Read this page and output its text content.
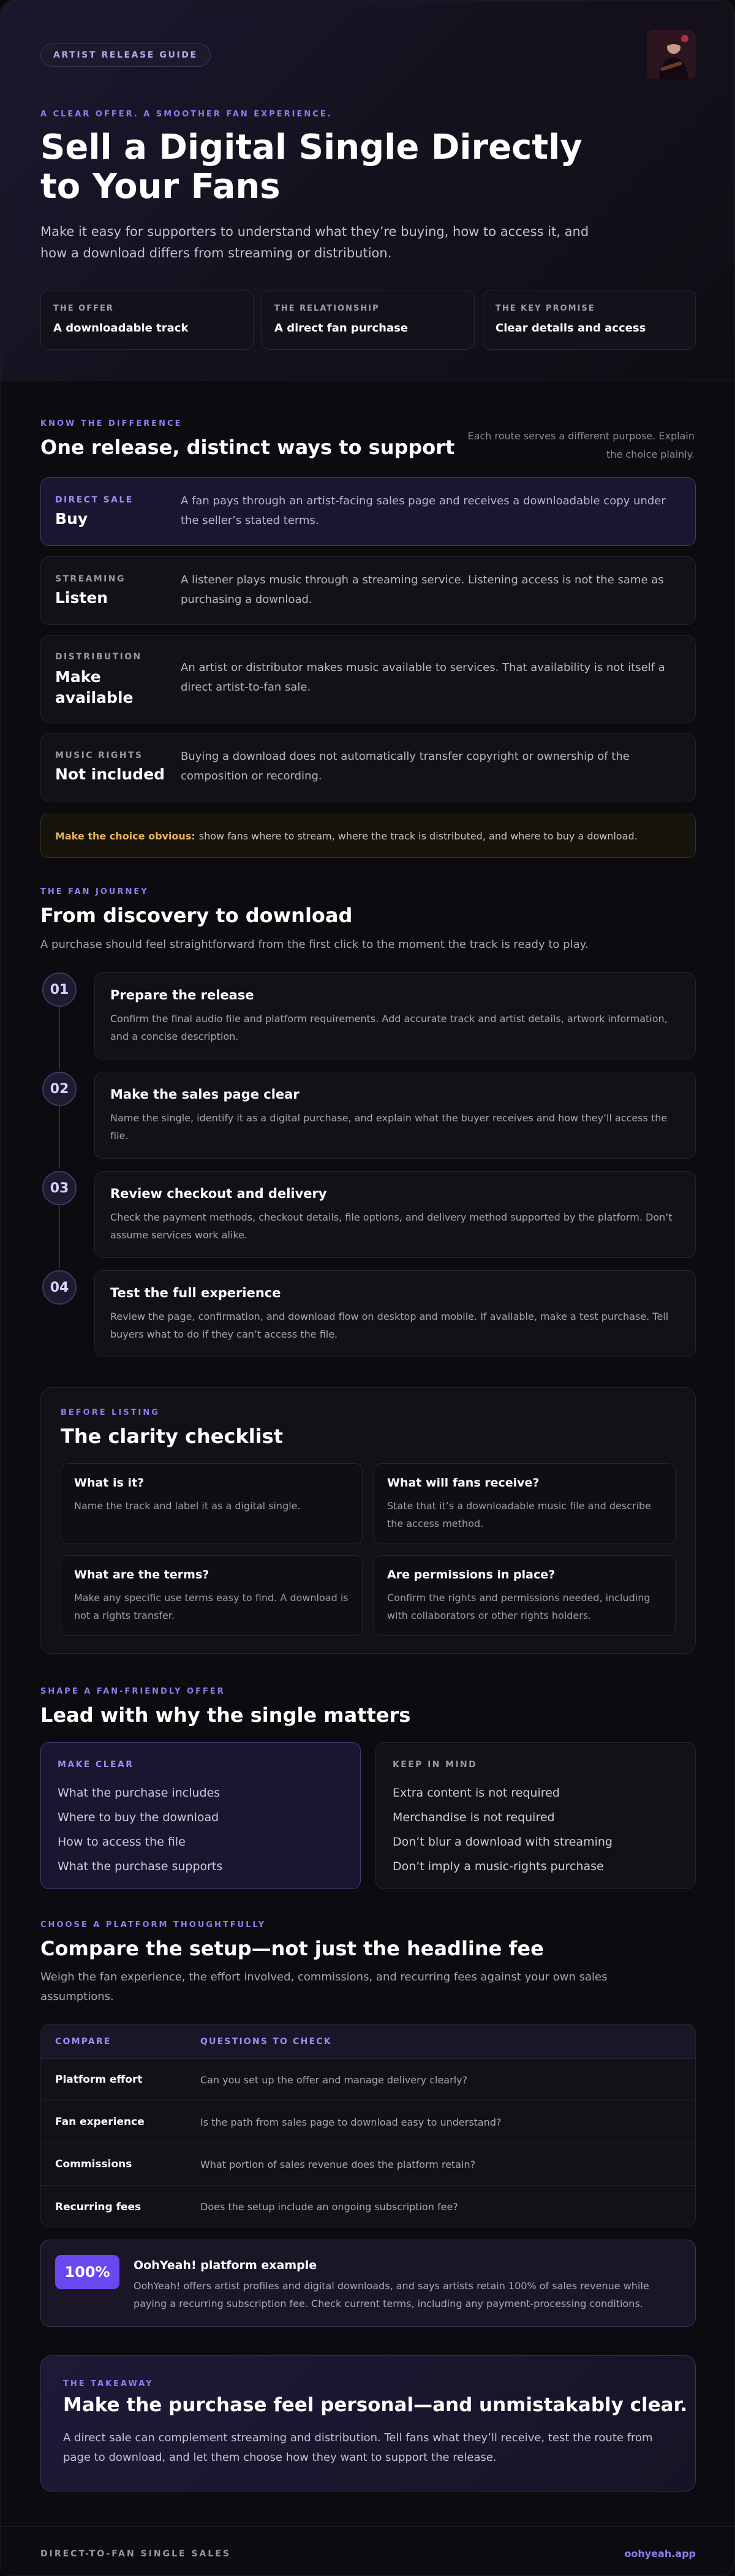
ARTIST RELEASE GUIDE
A CLEAR OFFER. A SMOOTHER FAN EXPERIENCE.
Sell a Digital Single Directly to Your Fans

Make it easy for supporters to understand what they’re buying, how to access it, and how a download differs from streaming or distribution.

THE OFFER
A downloadable track
THE RELATIONSHIP
A direct fan purchase
THE KEY PROMISE
Clear details and access
KNOW THE DIFFERENCE
One release, distinct ways to support	Each route serves a different purpose. Explain the choice plainly.
DIRECT SALE
Buy
A fan pays through an artist-facing sales page and receives a downloadable copy under the seller’s stated terms.
STREAMING
Listen
A listener plays music through a streaming service. Listening access is not the same as purchasing a download.
DISTRIBUTION
Make available
An artist or distributor makes music available to services. That availability is not itself a direct artist-to-fan sale.
MUSIC RIGHTS
Not included
Buying a download does not automatically transfer copyright or ownership of the composition or recording.
Make the choice obvious: show fans where to stream, where the track is distributed, and where to buy a download.
THE FAN JOURNEY
From discovery to download

A purchase should feel straightforward from the first click to the moment the track is ready to play.

01	Prepare the release
Confirm the final audio file and platform requirements. Add accurate track and artist details, artwork information, and a concise description.
02	Make the sales page clear
Name the single, identify it as a digital purchase, and explain what the buyer receives and how they’ll access the file.
03	Review checkout and delivery
Check the payment methods, checkout details, file options, and delivery method supported by the platform. Don’t assume services work alike.
04	Test the full experience
Review the page, confirmation, and download flow on desktop and mobile. If available, make a test purchase. Tell buyers what to do if they can’t access the file.
BEFORE LISTING
The clarity checklist
What is it?
Name the track and label it as a digital single.
What will fans receive?
State that it’s a downloadable music file and describe the access method.
What are the terms?
Make any specific use terms easy to find. A download is not a rights transfer.
Are permissions in place?
Confirm the rights and permissions needed, including with collaborators or other rights holders.
SHAPE A FAN-FRIENDLY OFFER
Lead with why the single matters
MAKE CLEAR
What the purchase includes
Where to buy the download
How to access the file
What the purchase supports
KEEP IN MIND
Extra content is not required
Merchandise is not required
Don’t blur a download with streaming
Don’t imply a music-rights purchase
CHOOSE A PLATFORM THOUGHTFULLY
Compare the setup—not just the headline fee

Weigh the fan experience, the effort involved, commissions, and recurring fees against your own sales assumptions.

COMPARE	QUESTIONS TO CHECK
Platform effort	Can you set up the offer and manage delivery clearly?
Fan experience	Is the path from sales page to download easy to understand?
Commissions	What portion of sales revenue does the platform retain?
Recurring fees	Does the setup include an ongoing subscription fee?
100%	OohYeah! platform example
OohYeah! offers artist profiles and digital downloads, and says artists retain 100% of sales revenue while paying a recurring subscription fee. Check current terms, including any payment-processing conditions.
THE TAKEAWAY
Make the purchase feel personal—and unmistakably clear.

A direct sale can complement streaming and distribution. Tell fans what they’ll receive, test the route from page to download, and let them choose how they want to support the release.

DIRECT-TO-FAN SINGLE SALES	oohyeah.app
